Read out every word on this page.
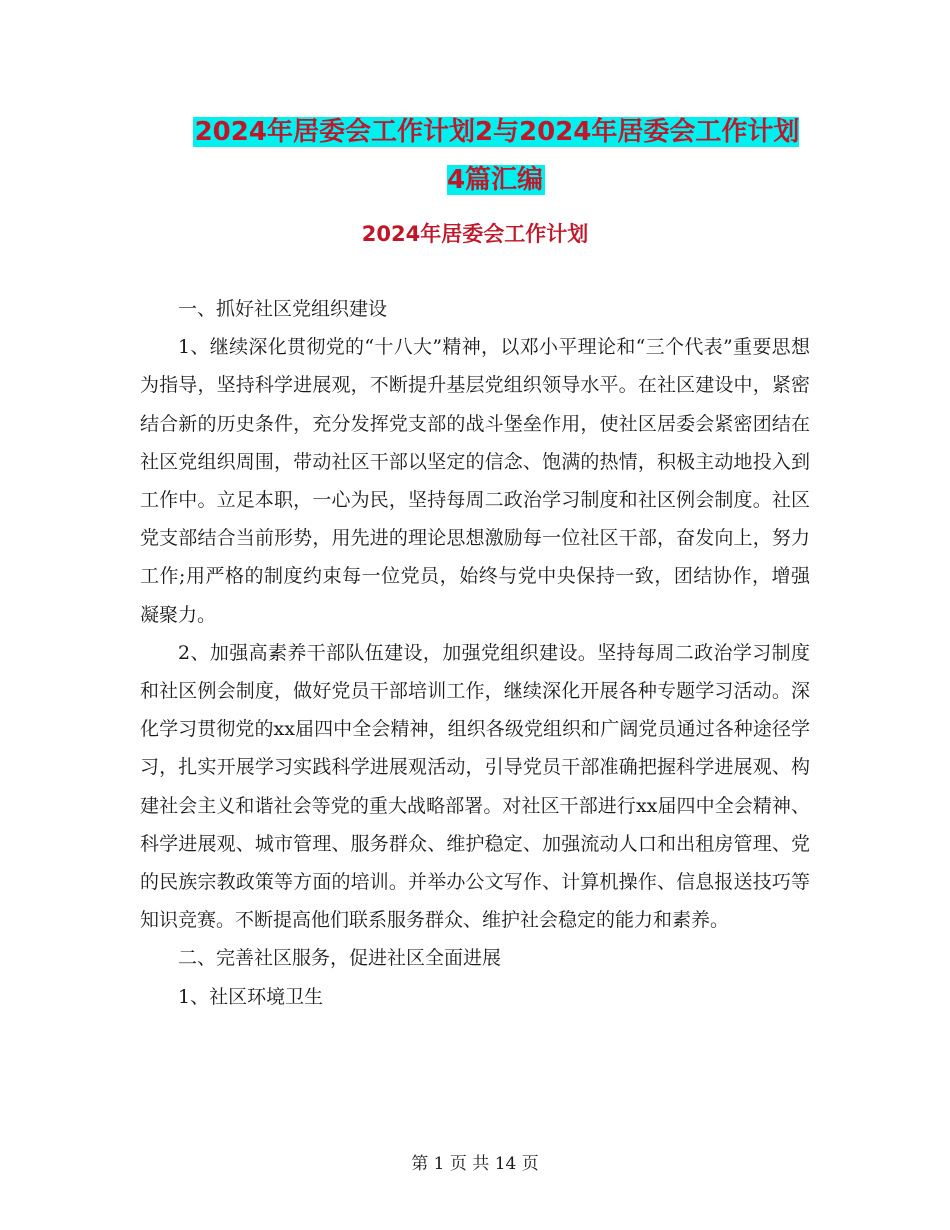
2024年居委会工作计划2与2024年居委会工作计划4篇汇编
2024年居委会工作计划

一、抓好社区党组织建设

1、继续深化贯彻党的“十八大”精神，以邓小平理论和“三个代表”重要思想为指导，坚持科学进展观，不断提升基层党组织领导水平。在社区建设中，紧密结合新的历史条件，充分发挥党支部的战斗堡垒作用，使社区居委会紧密团结在社区党组织周围，带动社区干部以坚定的信念、饱满的热情，积极主动地投入到工作中。立足本职，一心为民，坚持每周二政治学习制度和社区例会制度。社区党支部结合当前形势，用先进的理论思想激励每一位社区干部，奋发向上，努力工作;用严格的制度约束每一位党员，始终与党中央保持一致，团结协作，增强凝聚力。

2、加强高素养干部队伍建设，加强党组织建设。坚持每周二政治学习制度和社区例会制度，做好党员干部培训工作，继续深化开展各种专题学习活动。深化学习贯彻党的xx届四中全会精神，组织各级党组织和广阔党员通过各种途径学习，扎实开展学习实践科学进展观活动，引导党员干部准确把握科学进展观、构建社会主义和谐社会等党的重大战略部署。对社区干部进行xx届四中全会精神、科学进展观、城市管理、服务群众、维护稳定、加强流动人口和出租房管理、党的民族宗教政策等方面的培训。并举办公文写作、计算机操作、信息报送技巧等知识竞赛。不断提高他们联系服务群众、维护社会稳定的能力和素养。

二、完善社区服务，促进社区全面进展

1、社区环境卫生

第 1 页 共 14 页
